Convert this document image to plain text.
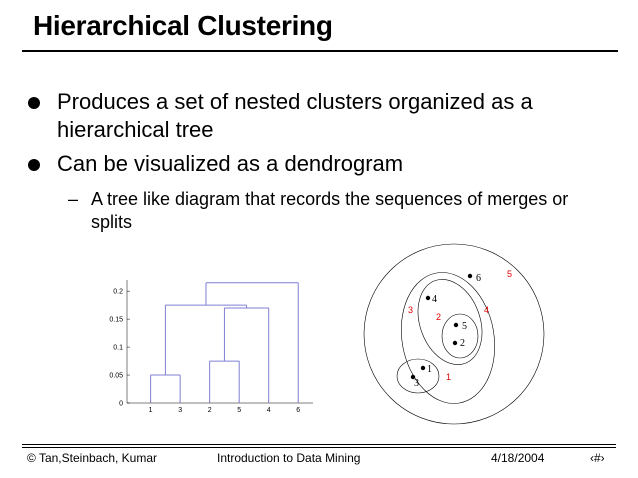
Hierarchical Clustering
Produces a set of nested clusters organized as a hierarchical tree
Can be visualized as a dendrogram
– A tree like diagram that records the sequences of merges or splits
0
0.05
0.1
0.15
0.2
1	3	2	5	4	6
6
4
5
2
1
3
5
3	4
2
1
© Tan,Steinbach, Kumar	Introduction to Data Mining	4/18/2004	‹#›
